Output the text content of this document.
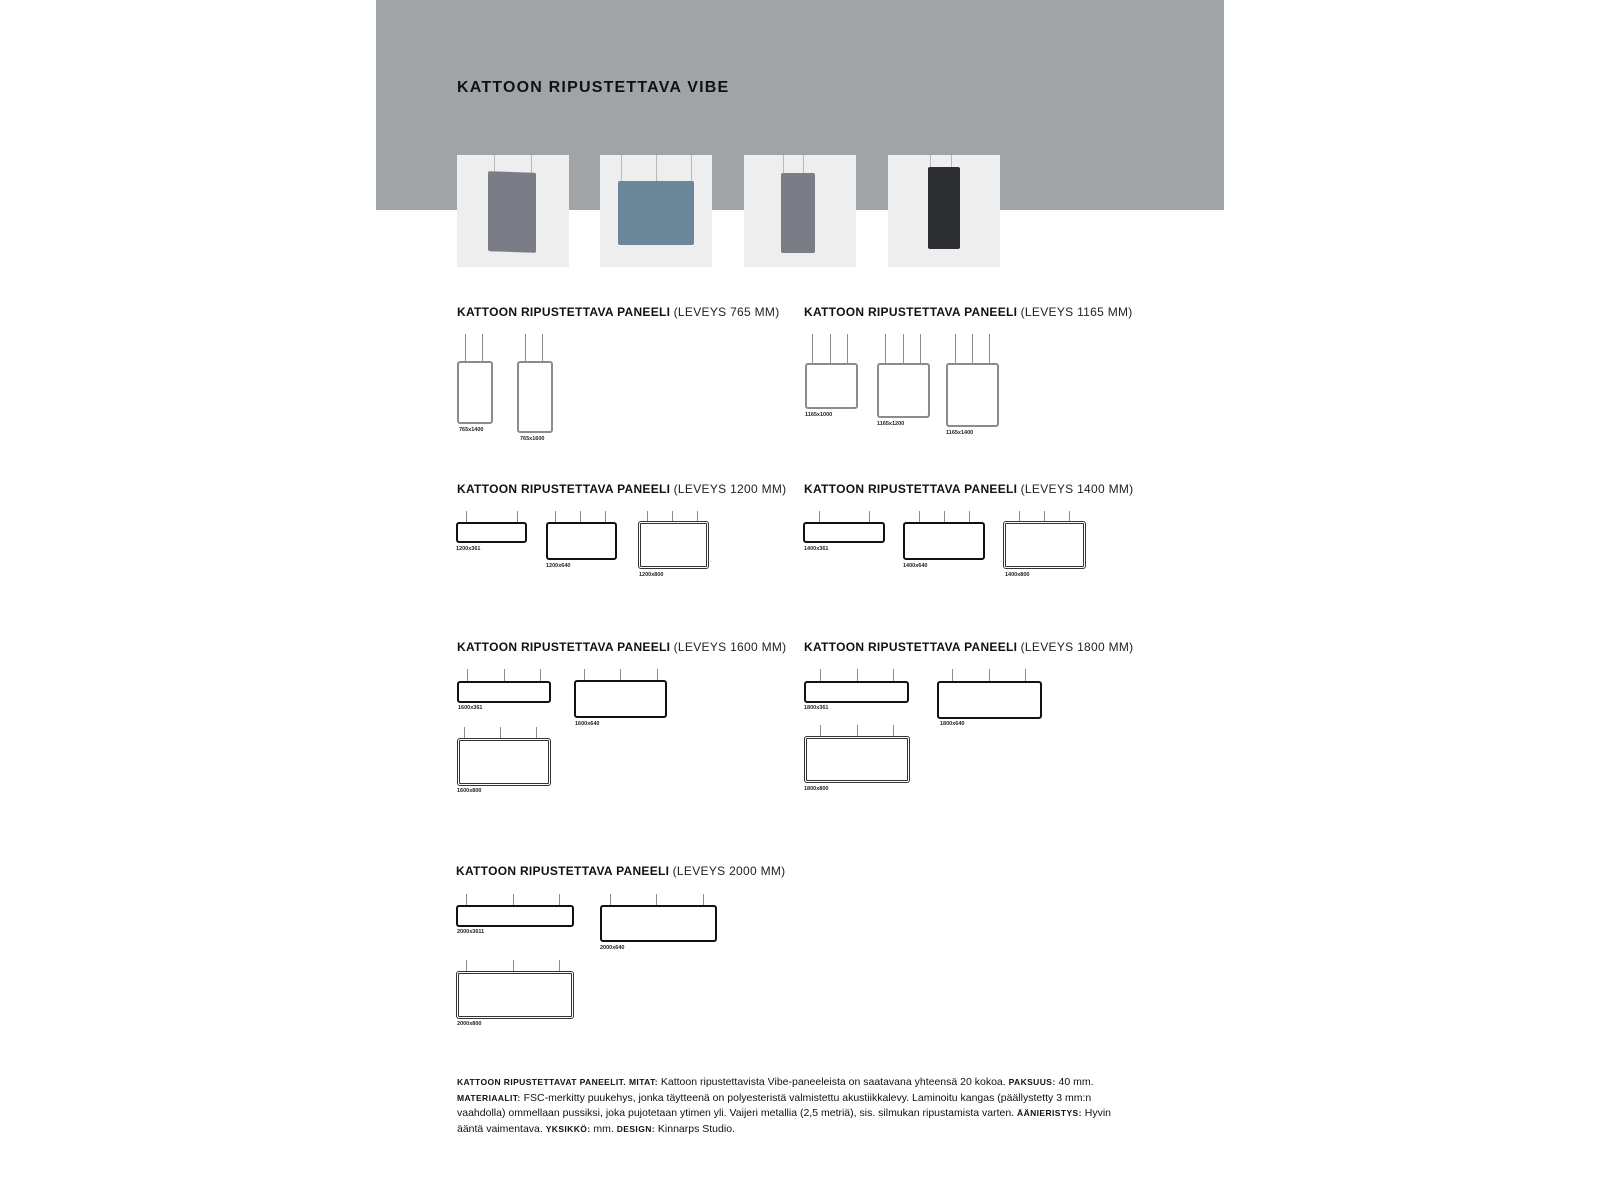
KATTOON RIPUSTETTAVA VIBE
KATTOON RIPUSTETTAVA PANEELI (LEVEYS 765 MM)
765x1400
765x1600
KATTOON RIPUSTETTAVA PANEELI (LEVEYS 1165 MM)
1165x1000
1165x1200
1165x1400
KATTOON RIPUSTETTAVA PANEELI (LEVEYS 1200 MM)
1200x361
1200x640
1200x800
KATTOON RIPUSTETTAVA PANEELI (LEVEYS 1400 MM)
1400x361
1400x640
1400x800
KATTOON RIPUSTETTAVA PANEELI (LEVEYS 1600 MM)
1600x361
1600x640
1600x800
KATTOON RIPUSTETTAVA PANEELI (LEVEYS 1800 MM)
1800x361
1800x640
1800x800
KATTOON RIPUSTETTAVA PANEELI (LEVEYS 2000 MM)
2000x3611
2000x640
2000x800
KATTOON RIPUSTETTAVAT PANEELIT. MITAT: Kattoon ripustettavista Vibe-paneeleista on saatavana yhteensä 20 kokoa. PAKSUUS: 40 mm. MATERIAALIT: FSC-merkitty puukehys, jonka täytteenä on polyesteristä valmistettu akustiikkalevy. Laminoitu kangas (päällystetty 3 mm:n vaahdolla) ommellaan pussiksi, joka pujotetaan ytimen yli. Vaijeri metallia (2,5 metriä), sis. silmukan ripustamista varten. ÄÄNIERISTYS: Hyvin ääntä vaimentava. YKSIKKÖ: mm. DESIGN: Kinnarps Studio.
